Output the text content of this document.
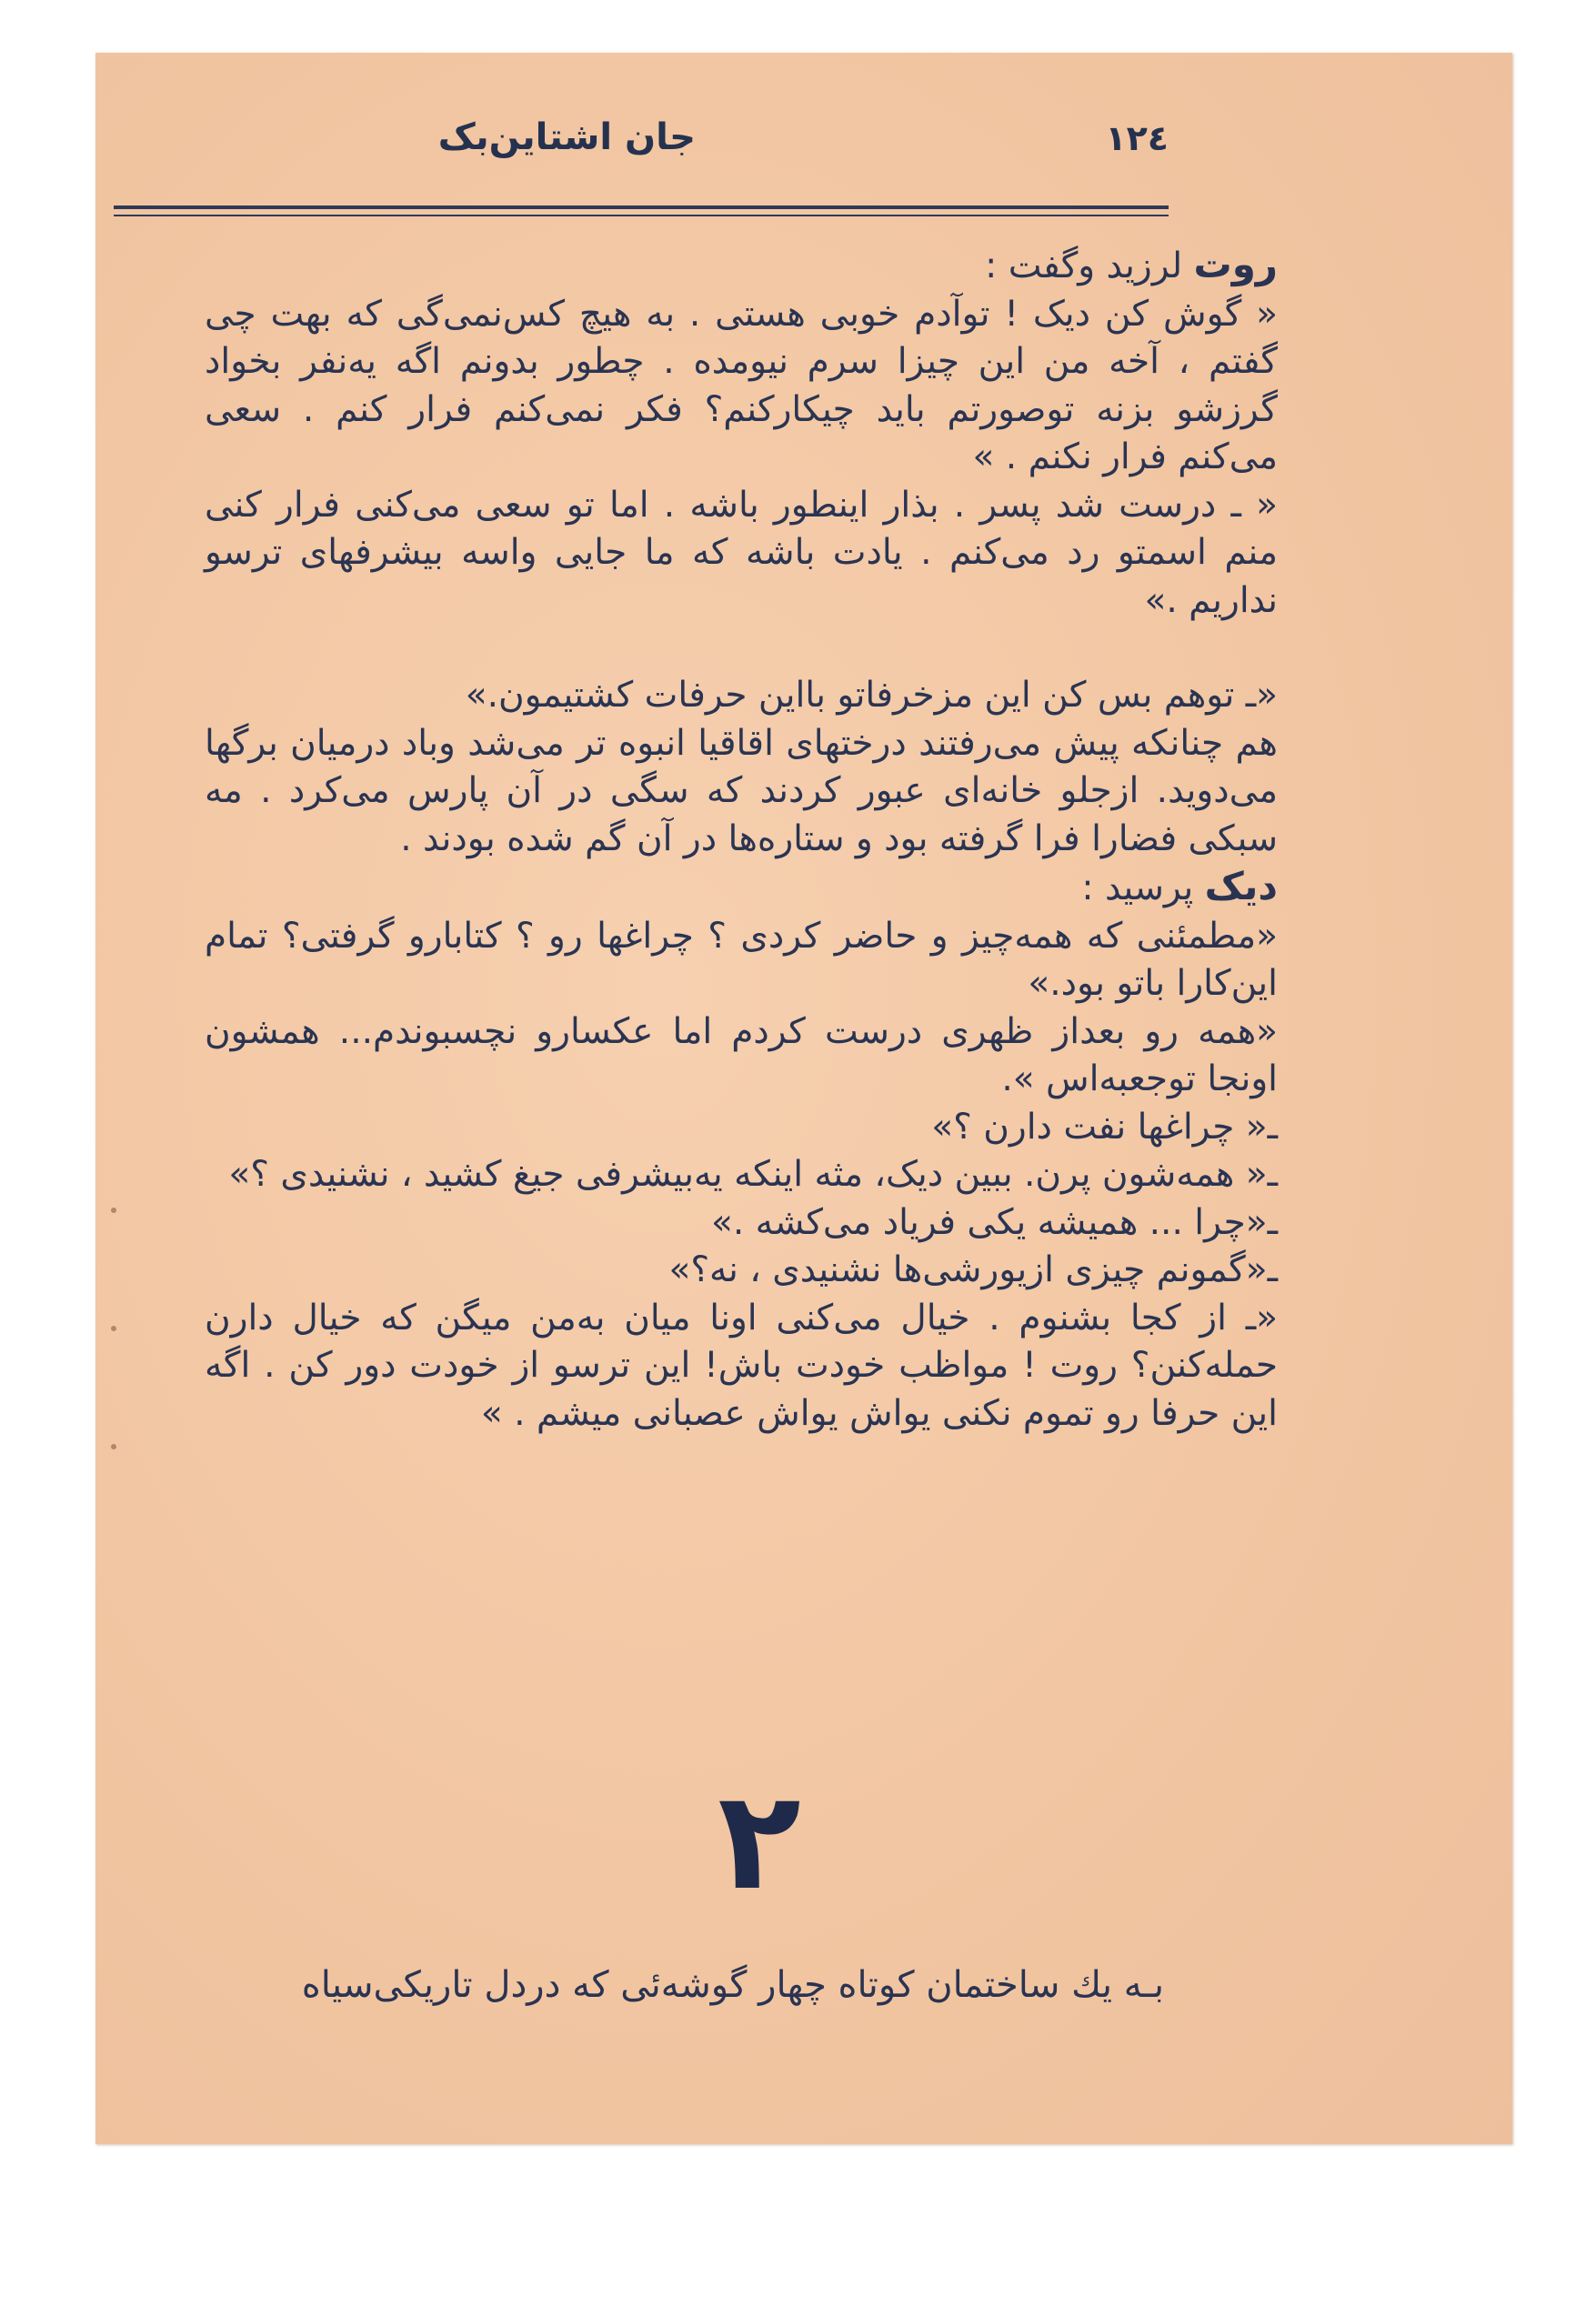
۱۲٤
جان اشتاین‌بک

روت لرزید وگفت :

« گوش کن دیک ! توآدم خوبی هستی . به هیچ کس‌نمی‌گی که بهت چی گفتم ، آخه من این چیزا سرم نیومده . چطور بدونم اگه یه‌نفر بخواد گرزشو بزنه توصورتم باید چیکارکنم؟ فکر نمی‌کنم فرار کنم . سعی می‌کنم فرار نکنم . »

« ـ درست شد پسر . بذار اینطور باشه . اما تو سعی می‌کنی فرار کنی منم اسمتو رد می‌کنم . یادت باشه که ما جایی واسه بیشرفهای ترسو نداریم .»

«ـ توهم بس کن این مزخرفاتو بااین حرفات کشتیمون.»

هم چنانکه پیش می‌رفتند درختهای اقاقیا انبوه تر می‌شد وباد درمیان برگها می‌دوید. ازجلو خانه‌ای عبور کردند که سگی در آن پارس می‌کرد . مه سبکی فضارا فرا گرفته بود و ستاره‌ها در آن گم شده بودند .

دیک پرسید :

«مطمئنی که همه‌چیز و حاضر کردی ؟ چراغها رو ؟ کتابارو گرفتی؟ تمام این‌کارا باتو بود.»

«همه رو بعداز ظهری درست کردم اما عکسارو نچسبوندم... همشون اونجا توجعبه‌اس ».

ـ« چراغها نفت دارن ؟»

ـ« همه‌شون پرن. ببین دیک، مثه اینکه یه‌بیشرفی جیغ کشید ، نشنیدی ؟»

ـ«چرا ... همیشه یکی فریاد می‌کشه .»

ـ«گمونم چیزی ازیورشی‌ها نشنیدی ، نه؟»

«ـ از کجا بشنوم . خیال می‌کنی اونا میان به‌من میگن که خیال دارن حمله‌کنن؟ روت ! مواظب خودت باش! این ترسو از خودت دور کن . اگه این حرفا رو تموم نکنی یواش یواش عصبانی میشم . »

۲
بـه یك ساختمان کوتاه چهار گوشه‌ئی که دردل تاریکی‌سیاه
